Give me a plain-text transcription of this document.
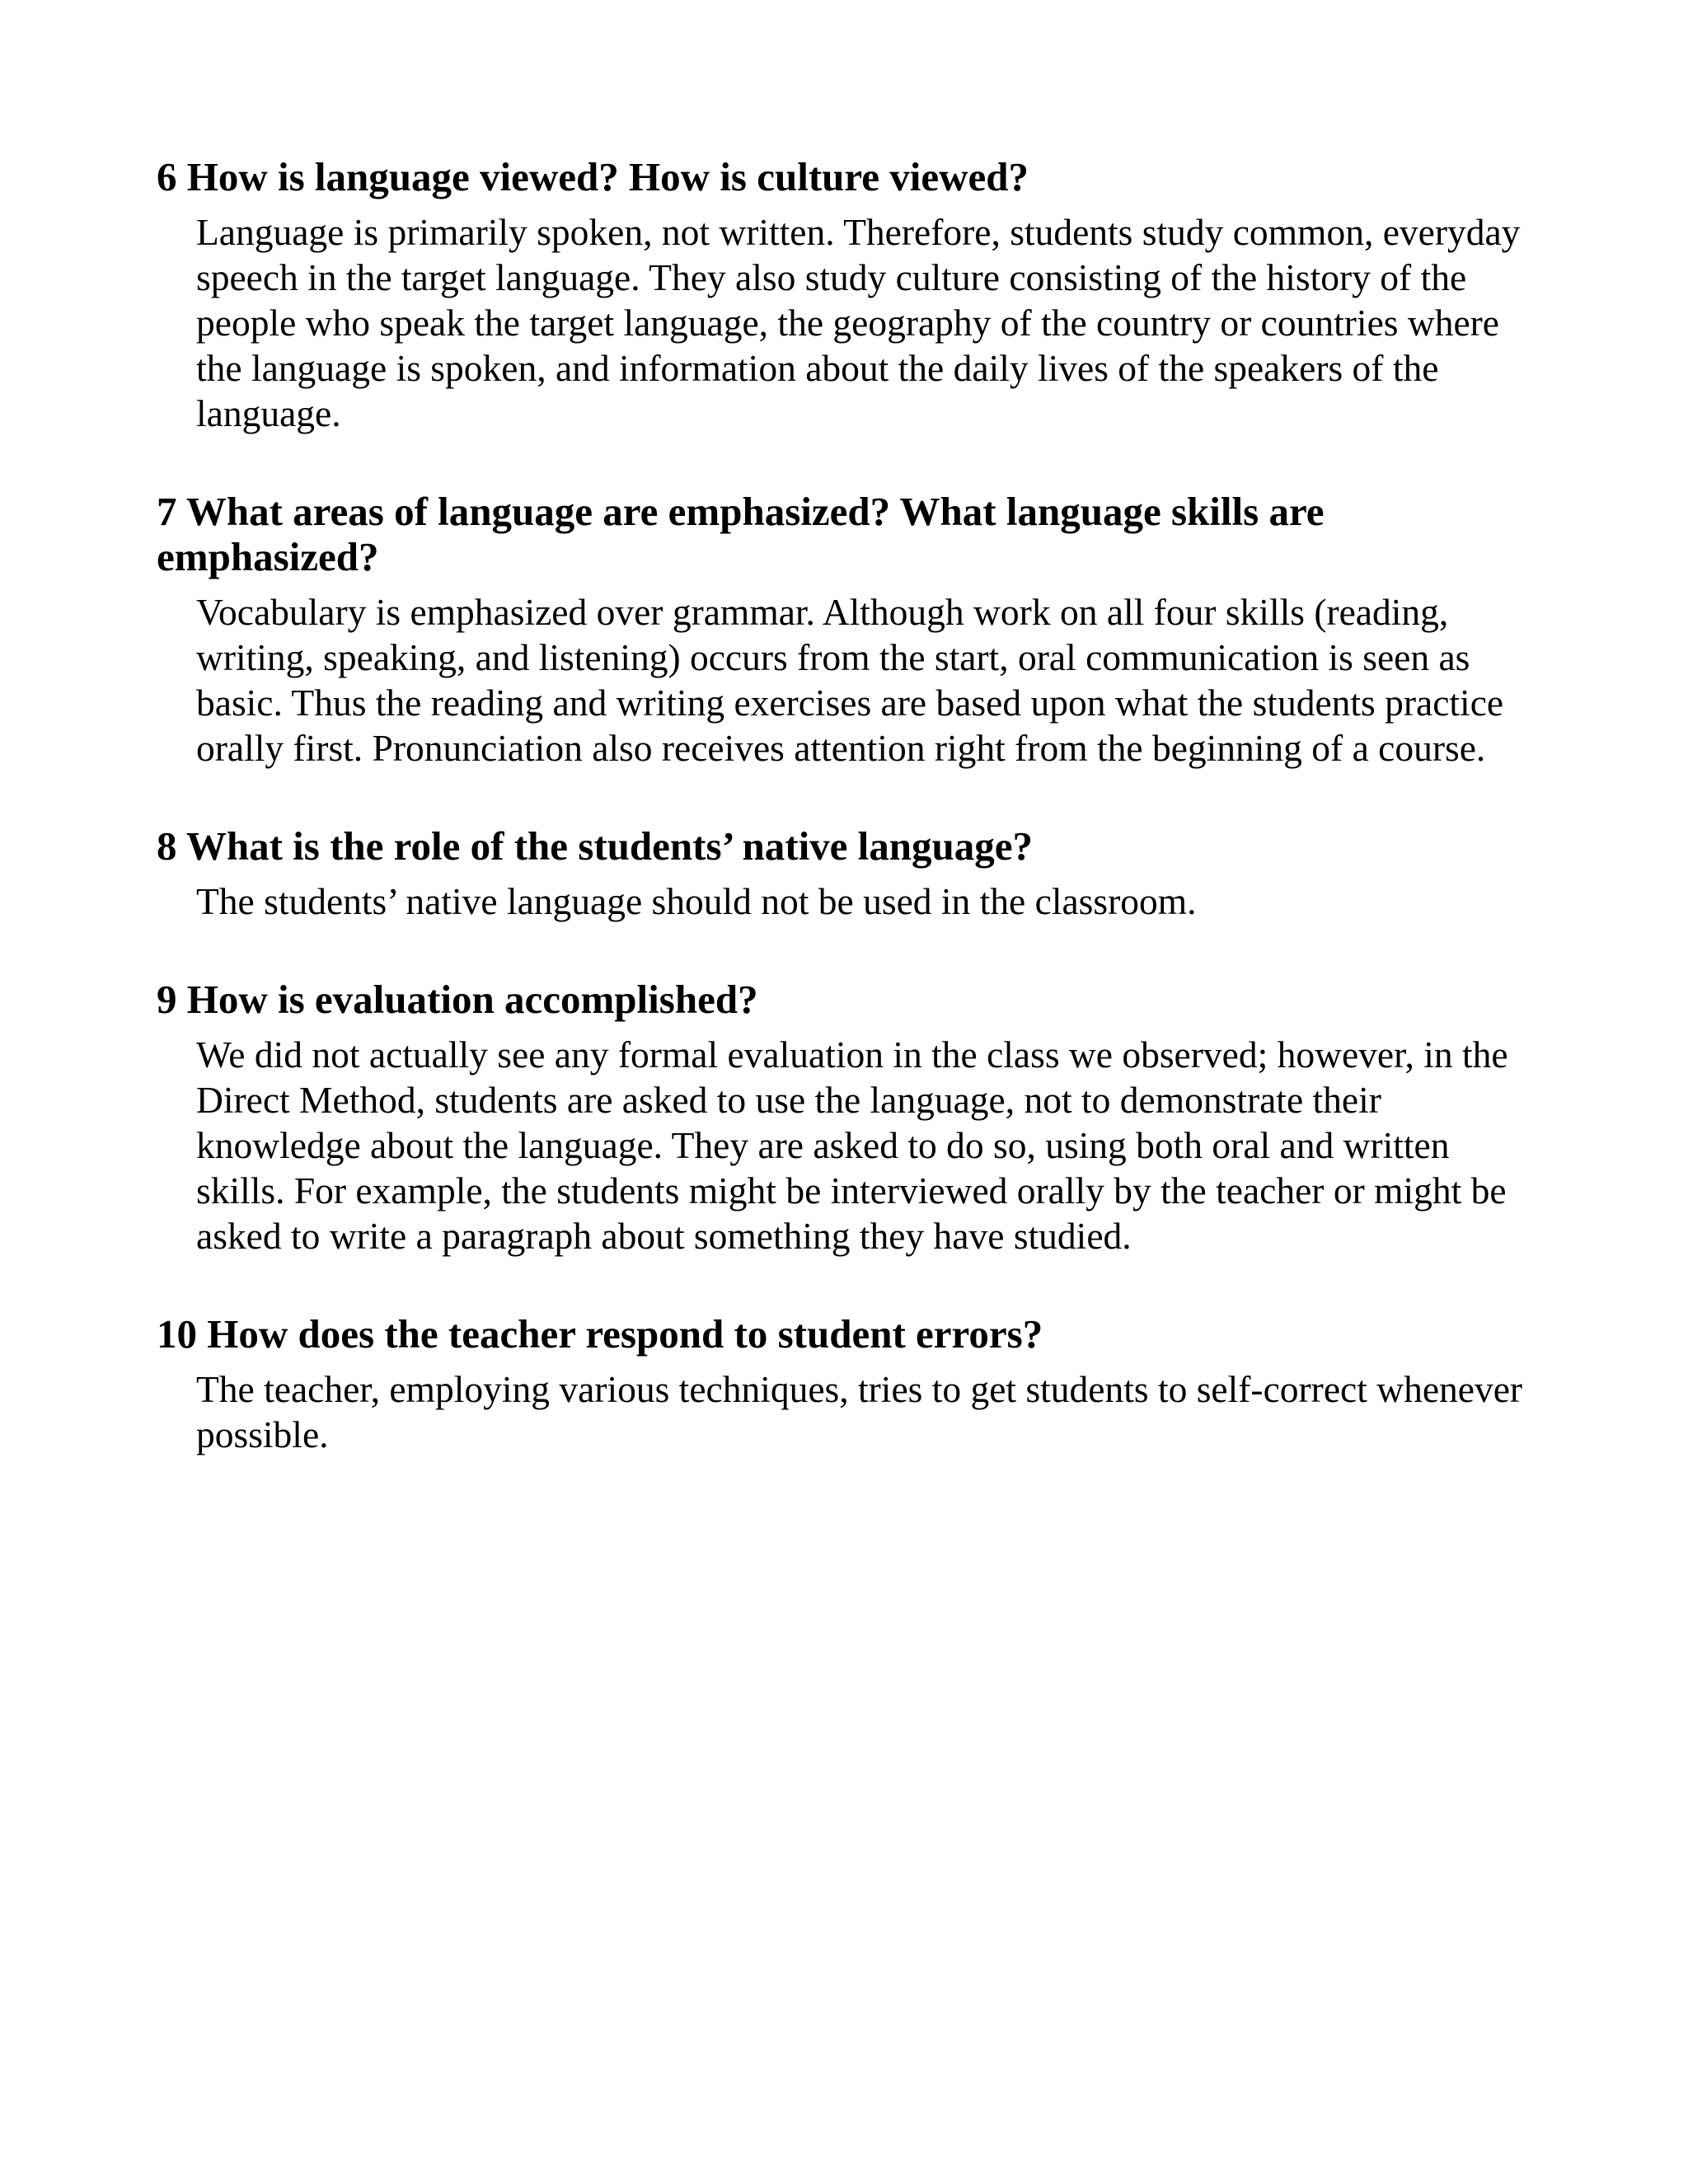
6 How is language viewed? How is culture viewed?
Language is primarily spoken, not written. Therefore, students study common, everyday speech in the target language. They also study culture consisting of the history of the people who speak the target language, the geography of the country or countries where the language is spoken, and information about the daily lives of the speakers of the language.
7 What areas of language are emphasized? What language skills are emphasized?
Vocabulary is emphasized over grammar. Although work on all four skills (reading, writing, speaking, and listening) occurs from the start, oral communication is seen as basic. Thus the reading and writing exercises are based upon what the students practice orally first. Pronunciation also receives attention right from the beginning of a course.
8 What is the role of the students’ native language?
The students’ native language should not be used in the classroom.
9 How is evaluation accomplished?
We did not actually see any formal evaluation in the class we observed; however, in the Direct Method, students are asked to use the language, not to demonstrate their knowledge about the language. They are asked to do so, using both oral and written skills. For example, the students might be interviewed orally by the teacher or might be asked to write a paragraph about something they have studied.
10 How does the teacher respond to student errors?
The teacher, employing various techniques, tries to get students to self-correct whenever possible.
